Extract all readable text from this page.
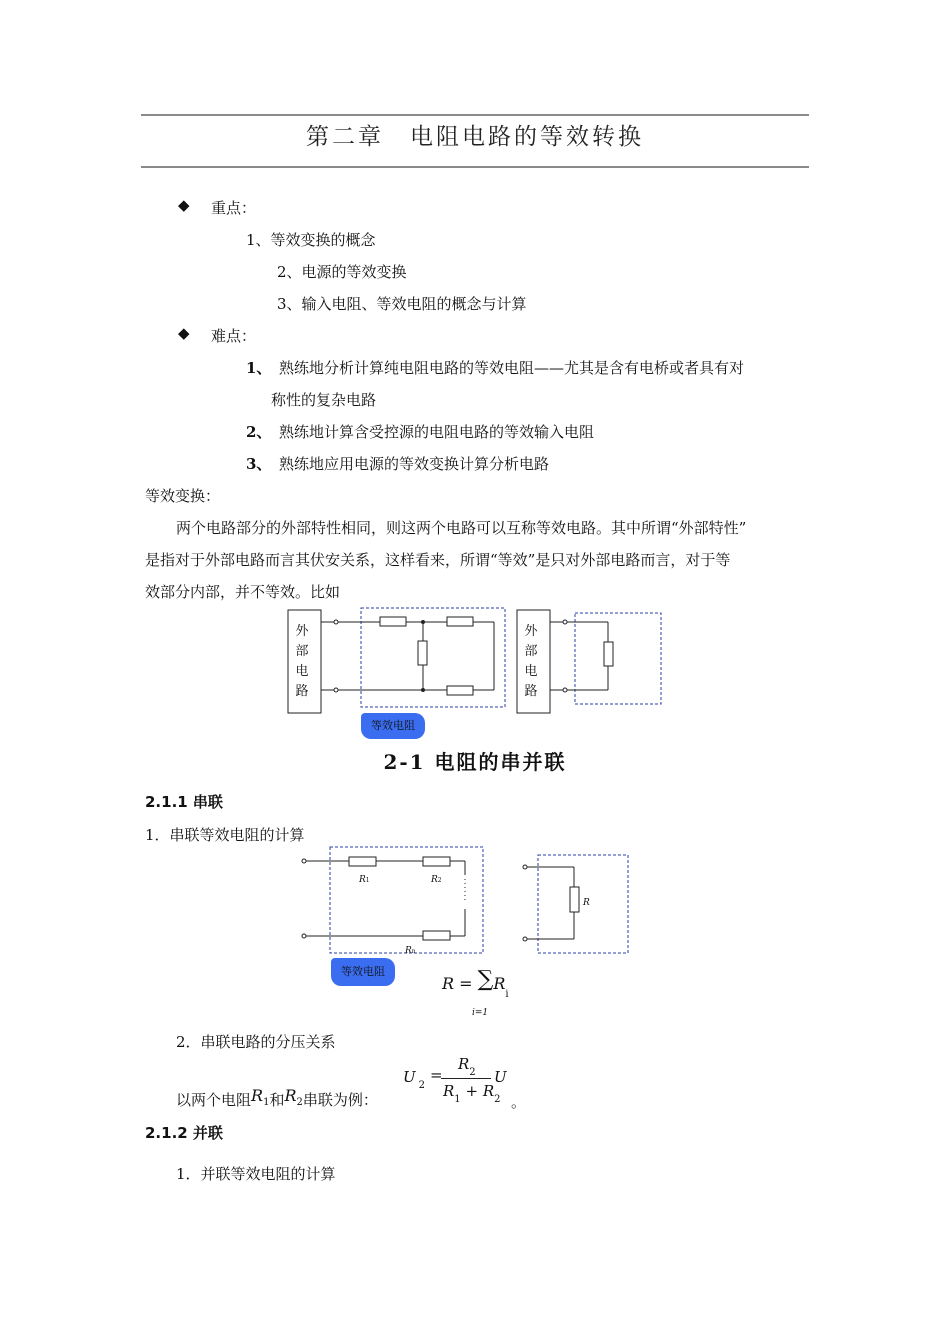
第二章　电阻电路的等效转换
◆ 重点：
1、等效变换的概念
2、电源的等效变换
3、输入电阻、等效电阻的概念与计算
◆ 难点：
1、 熟练地分析计算纯电阻电路的等效电阻——尤其是含有电桥或者具有对
称性的复杂电路
2、 熟练地计算含受控源的电阻电路的等效输入电阻
3、 熟练地应用电源的等效变换计算分析电路
等效变换：
两个电路部分的外部特性相同，则这两个电路可以互称等效电路。其中所谓“外部特性”
是指对于外部电路而言其伏安关系，这样看来，所谓“等效”是只对外部电路而言，对于等
效部分内部，并不等效。比如
外
部
电
路
外
部
电
路
等效电阻
2-1 电阻的串并联
2.1.1 串联
1．串联等效电阻的计算
R1	R2
Rn
R
等效电阻
$R = \sum R_i$
i=1
2．串联电路的分压关系
U $_2$
=
$R_2$ U
$R_1 + R_2$
以两个电阻R1和R2串联为例：	。
2.1.2 并联
1．并联等效电阻的计算
